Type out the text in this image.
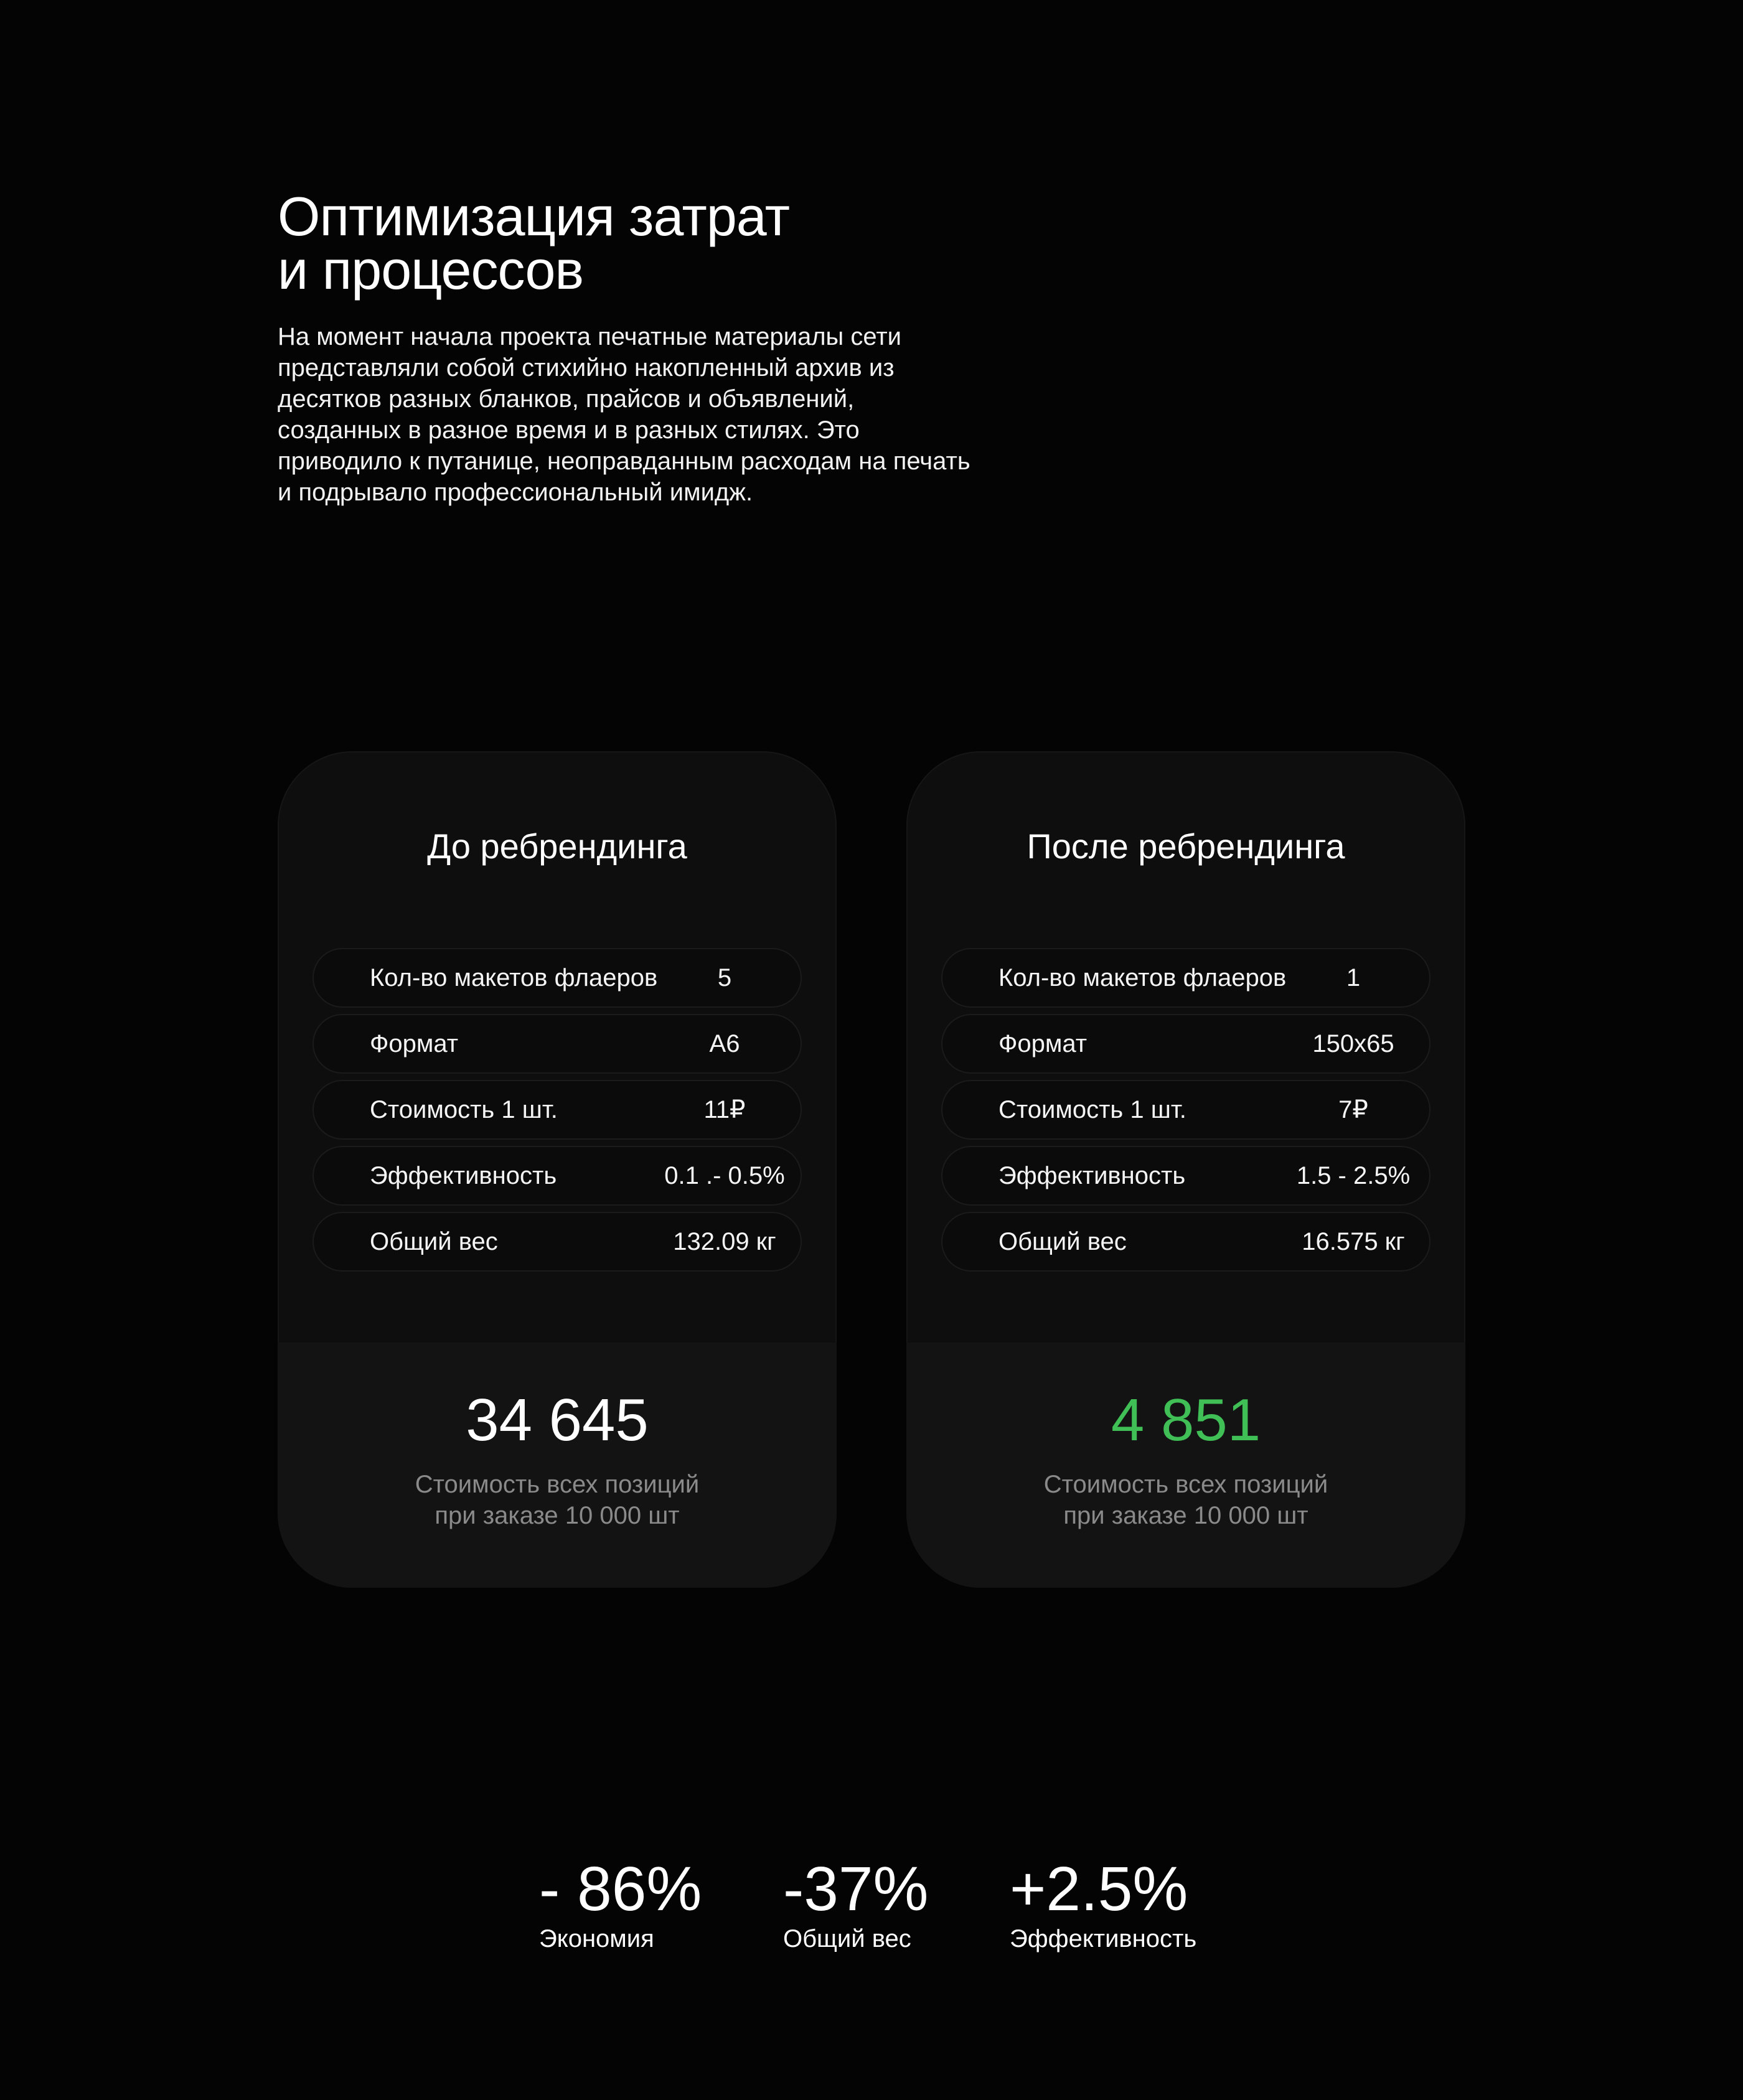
Оптимизация затрат
и процессов

На момент начала проекта печатные материалы сети представляли собой стихийно накопленный архив из десятков разных бланков, прайсов и объявлений, созданных в разное время и в разных стилях. Это приводило к путанице, неоправданным расходам на печать и подрывало профессиональный имидж.

До ребрендинга
Кол-во макетов флаеров	5
Формат	А6
Стоимость 1 шт.	11₽
Эффективность	0.1 .- 0.5%
Общий вес	132.09 кг
34 645
Стоимость всех позиций
при заказе 10 000 шт
После ребрендинга
Кол-во макетов флаеров	1
Формат	150x65
Стоимость 1 шт.	7₽
Эффективность	1.5 - 2.5%
Общий вес	16.575 кг
4 851
Стоимость всех позиций
при заказе 10 000 шт
- 86%
Экономия
-37%
Общий вес
+2.5%
Эффективность
